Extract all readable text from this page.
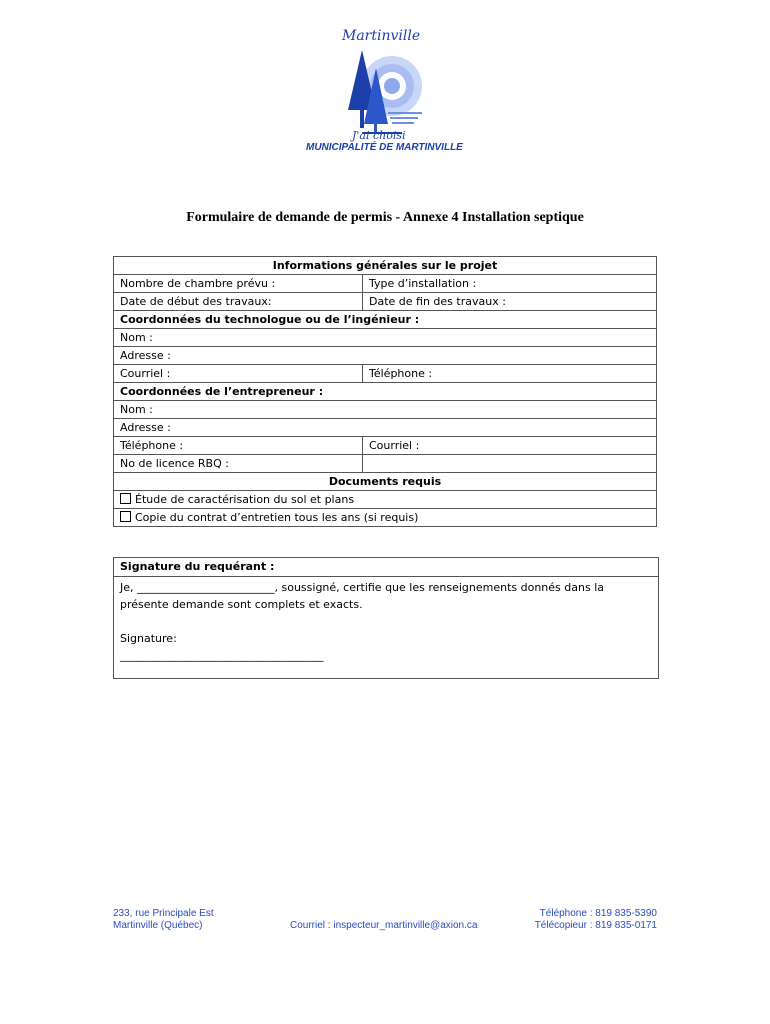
Martinville
J'ai choisi
MUNICIPALITÉ DE MARTINVILLE
Formulaire de demande de permis - Annexe 4 Installation septique
Informations générales sur le projet	
Nombre de chambre prévu :	Type d’installation :
Date de début des travaux:	Date de fin des travaux :
Coordonnées du technologue ou de l’ingénieur :	
Nom :	
Adresse :	
Courriel :	Téléphone :
Coordonnées de l’entrepreneur :	
Nom :	
Adresse :	
Téléphone :	Courriel :
No de licence RBQ :	
Documents requis	
Étude de caractérisation du sol et plans	
Copie du contrat d’entretien tous les ans (si requis)	
Signature du requérant :
Je, _________________________, soussigné, certifie que les renseignements donnés dans la
présente demande sont complets et exacts.
Signature:
_____________________________________
233, rue Principale Est
Martinville (Québec)	Courriel : inspecteur_martinville@axion.ca
Téléphone : 819 835-5390
Télécopieur : 819 835-0171
